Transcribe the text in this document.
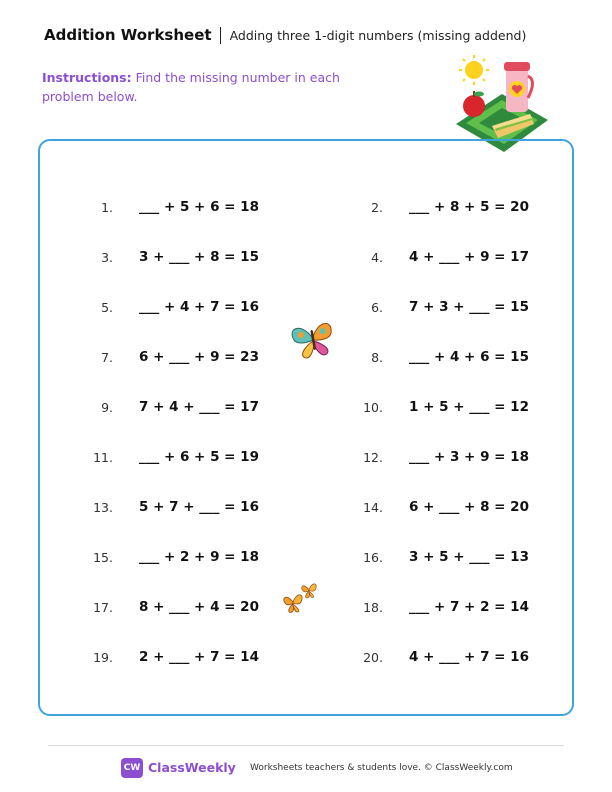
Addition Worksheet Adding three 1-digit numbers (missing addend)
Instructions: Find the missing number in each problem below.
1. ___ + 5 + 6 = 18	2. ___ + 8 + 5 = 20
3. 3 + ___ + 8 = 15	4. 4 + ___ + 9 = 17
5. ___ + 4 + 7 = 16	6. 7 + 3 + ___ = 15
7. 6 + ___ + 9 = 23	8. ___ + 4 + 6 = 15
9. 7 + 4 + ___ = 17	10. 1 + 5 + ___ = 12
11. ___ + 6 + 5 = 19	12. ___ + 3 + 9 = 18
13. 5 + 7 + ___ = 16	14. 6 + ___ + 8 = 20
15. ___ + 2 + 9 = 18	16. 3 + 5 + ___ = 13
17. 8 + ___ + 4 = 20	18. ___ + 7 + 2 = 14
19. 2 + ___ + 7 = 14	20. 4 + ___ + 7 = 16
CW ClassWeekly Worksheets teachers & students love. © ClassWeekly.com
